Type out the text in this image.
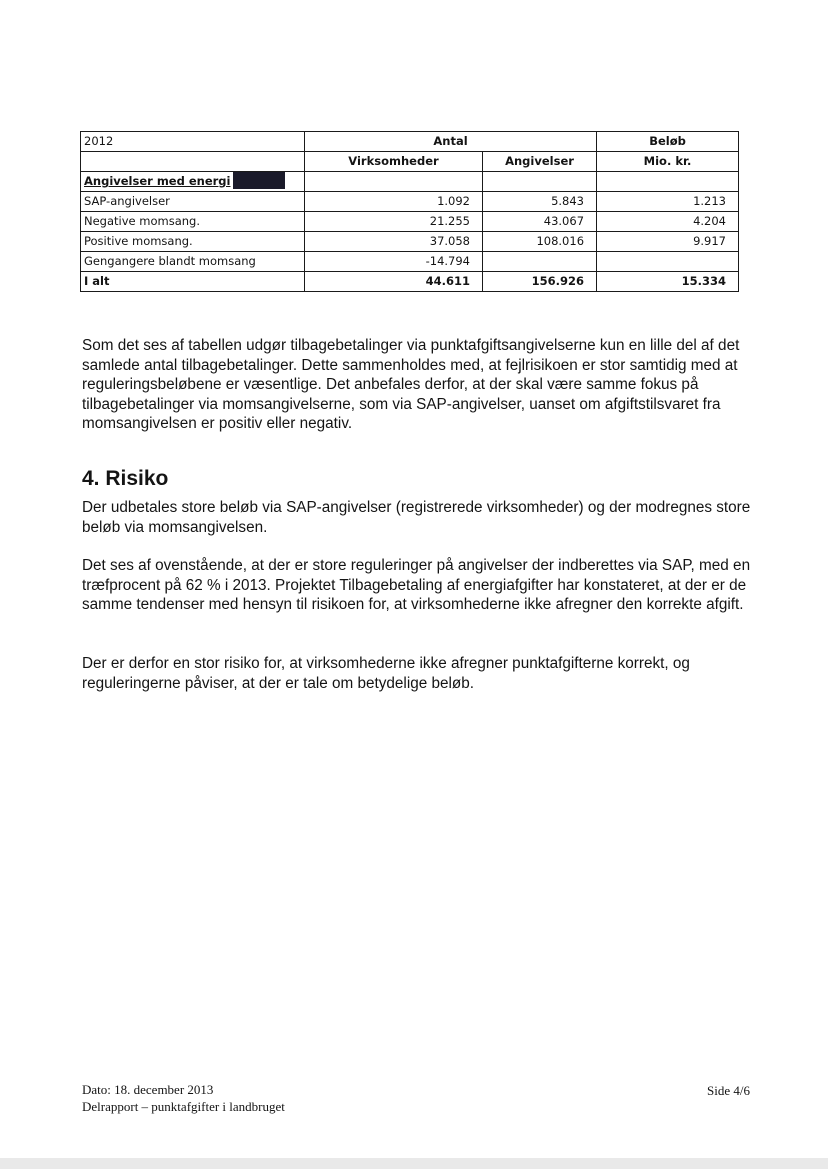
2012	Antal		Beløb
	Virksomheder	Angivelser	Mio. kr.
Angivelser med energi			
SAP-angivelser	1.092	5.843	1.213
Negative momsang.	21.255	43.067	4.204
Positive momsang.	37.058	108.016	9.917
Gengangere blandt momsang	-14.794		
I alt	44.611	156.926	15.334

Som det ses af tabellen udgør tilbagebetalinger via punktafgiftsangivelserne kun en lille del af det samlede antal tilbagebetalinger. Dette sammenholdes med, at fejlrisikoen er stor samtidig med at reguleringsbeløbene er væsentlige. Det anbefales derfor, at der skal være samme fokus på tilbagebetalinger via momsangivelserne, som via SAP-angivelser, uanset om afgiftstilsvaret fra momsangivelsen er positiv eller negativ.

4. Risiko

Der udbetales store beløb via SAP-angivelser (registrerede virksomheder) og der modregnes store beløb via momsangivelsen.

Det ses af ovenstående, at der er store reguleringer på angivelser der indberettes via SAP, med en træfprocent på 62 % i 2013. Projektet Tilbagebetaling af energiafgifter har konstateret, at der er de samme tendenser med hensyn til risikoen for, at virksomhederne ikke afregner den korrekte afgift.

Der er derfor en stor risiko for, at virksomhederne ikke afregner punktafgifterne korrekt, og reguleringerne påviser, at der er tale om betydelige beløb.

Dato: 18. december 2013
Delrapport – punktafgifter i landbruget
Side 4/6
